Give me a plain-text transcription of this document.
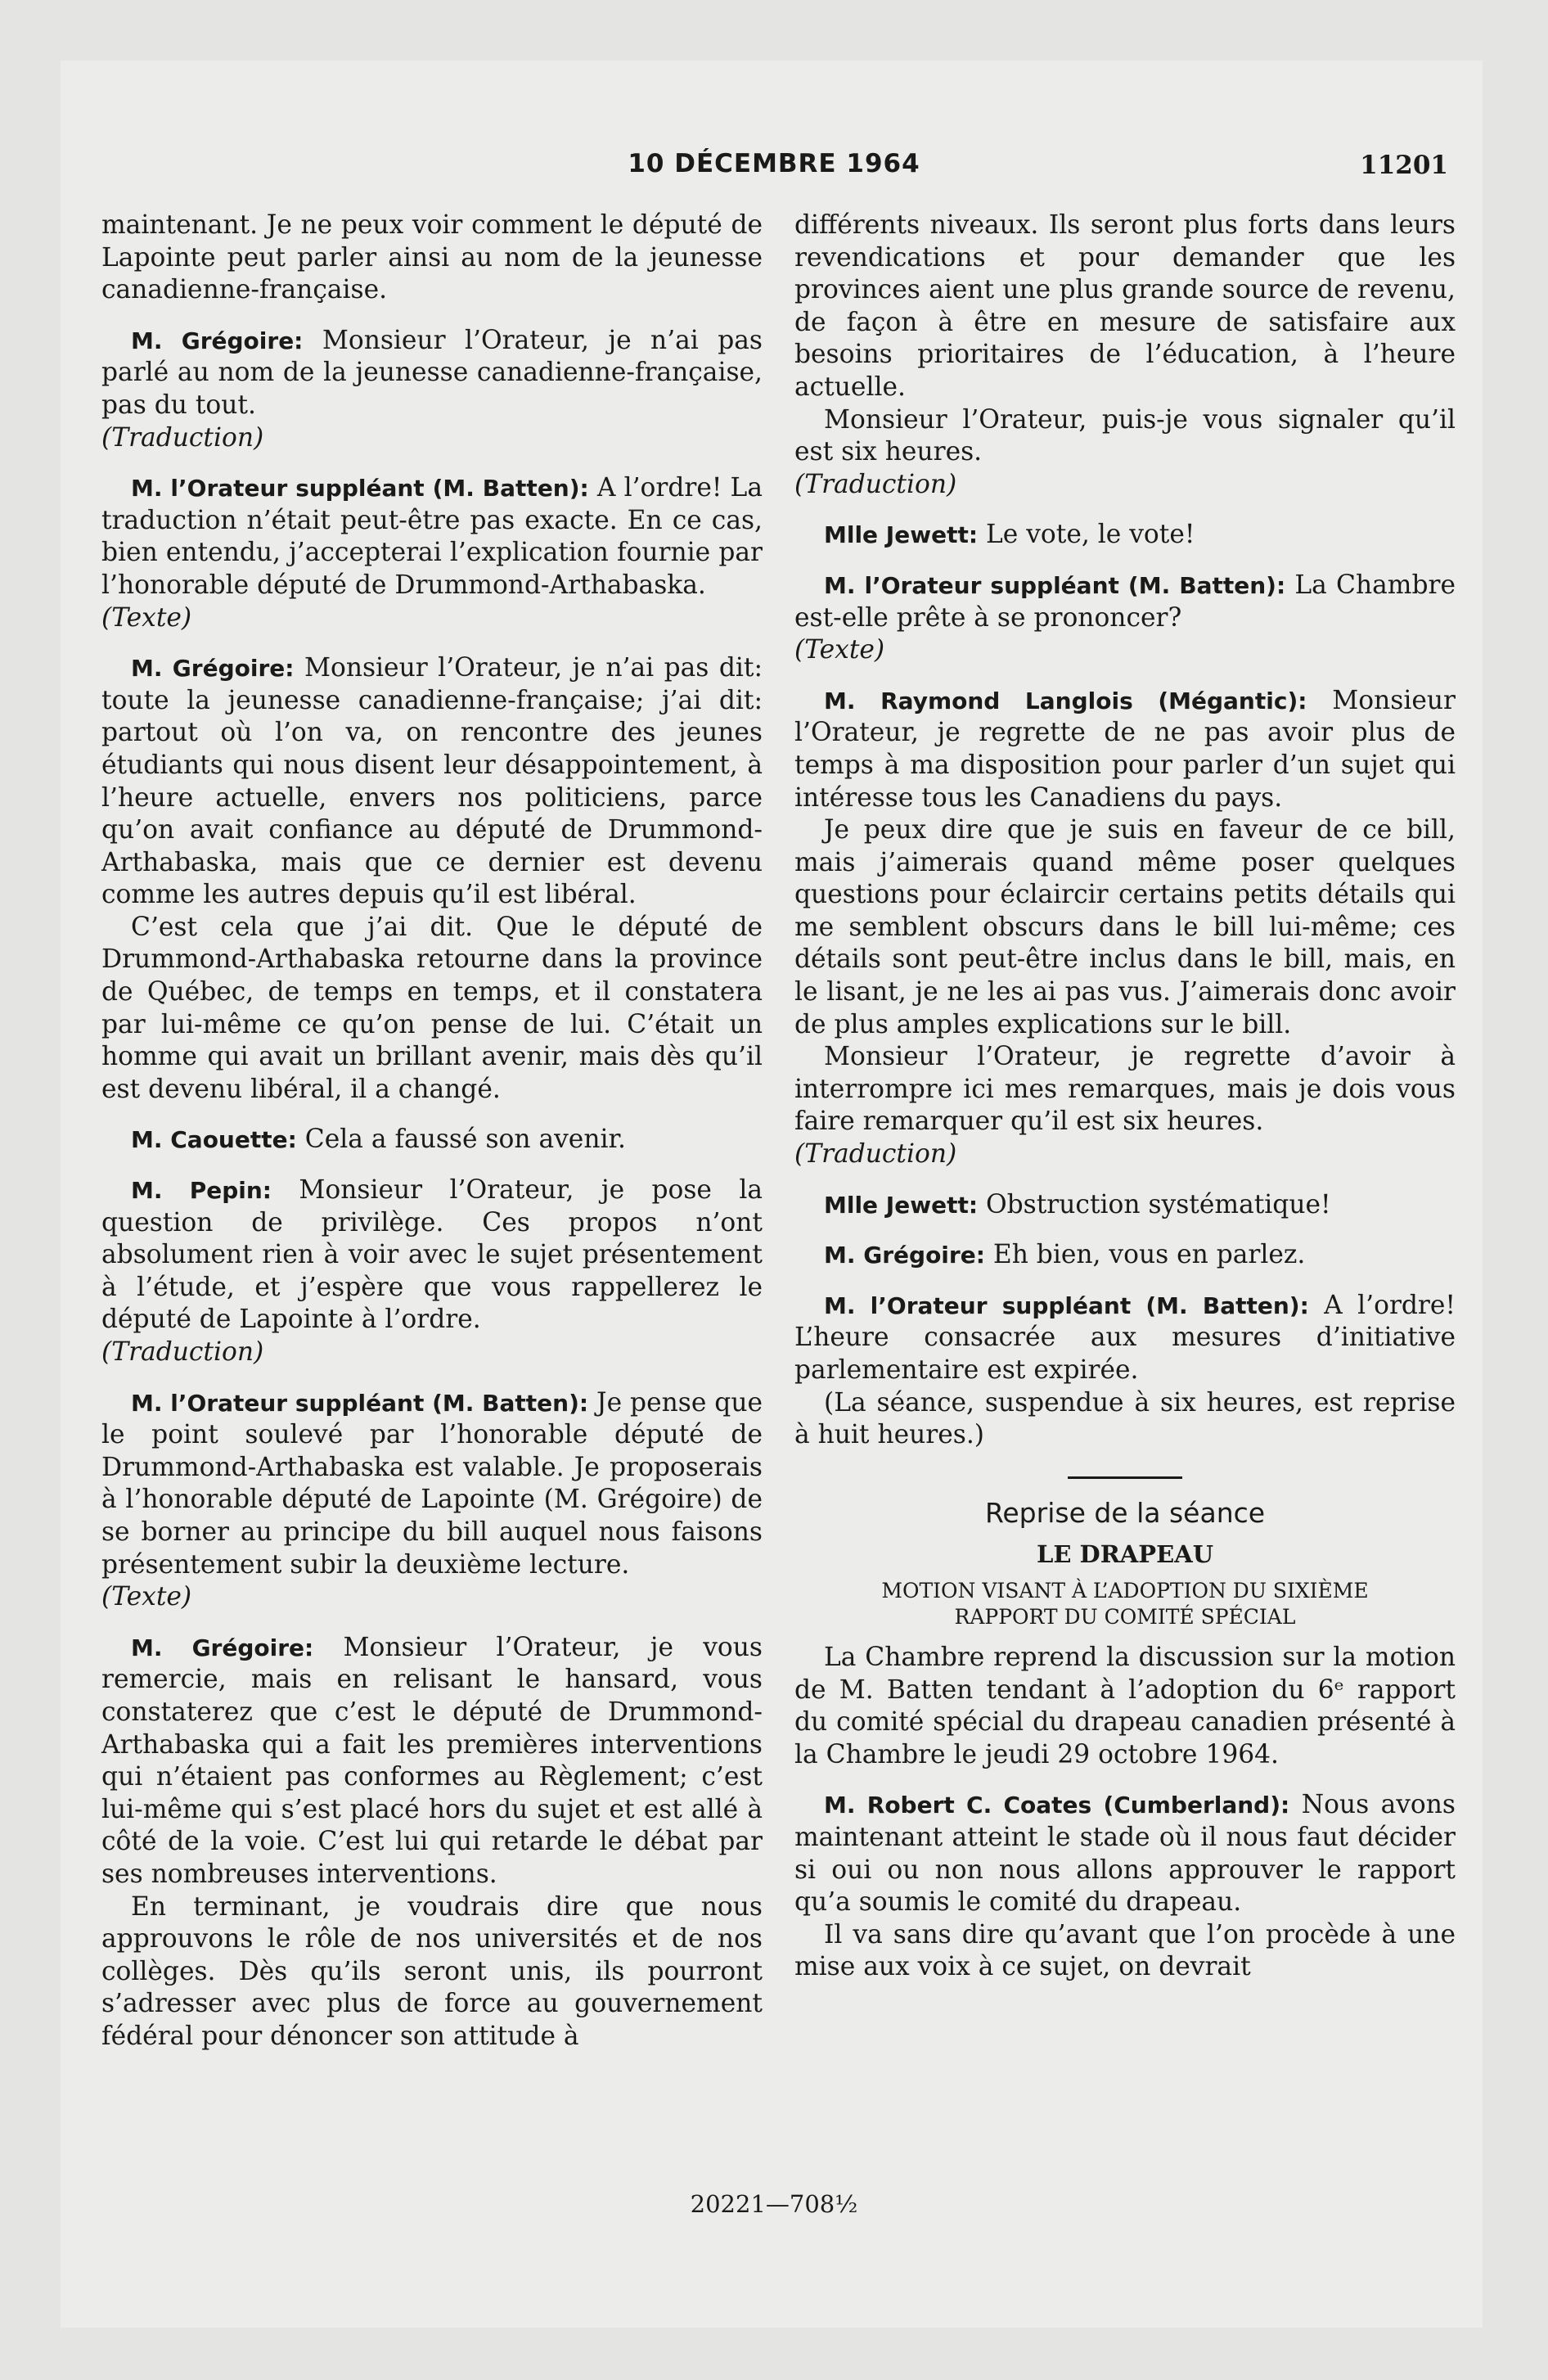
10 DÉCEMBRE 1964	11201

maintenant. Je ne peux voir comment le député de Lapointe peut parler ainsi au nom de la jeunesse canadienne-française.

M. Grégoire: Monsieur l’Orateur, je n’ai pas parlé au nom de la jeunesse canadienne-française, pas du tout.

(Traduction)

M. l’Orateur suppléant (M. Batten): A l’ordre! La traduction n’était peut-être pas exacte. En ce cas, bien entendu, j’accepterai l’explication fournie par l’honorable député de Drummond-Arthabaska.

(Texte)

M. Grégoire: Monsieur l’Orateur, je n’ai pas dit: toute la jeunesse canadienne-française; j’ai dit: partout où l’on va, on rencontre des jeunes étudiants qui nous disent leur désappointement, à l’heure actuelle, envers nos politiciens, parce qu’on avait confiance au député de Drummond-Arthabaska, mais que ce dernier est devenu comme les autres depuis qu’il est libéral.

C’est cela que j’ai dit. Que le député de Drummond-Arthabaska retourne dans la province de Québec, de temps en temps, et il constatera par lui-même ce qu’on pense de lui. C’était un homme qui avait un brillant avenir, mais dès qu’il est devenu libéral, il a changé.

M. Caouette: Cela a faussé son avenir.

M. Pepin: Monsieur l’Orateur, je pose la question de privilège. Ces propos n’ont absolument rien à voir avec le sujet présentement à l’étude, et j’espère que vous rappellerez le député de Lapointe à l’ordre.

(Traduction)

M. l’Orateur suppléant (M. Batten): Je pense que le point soulevé par l’honorable député de Drummond-Arthabaska est valable. Je proposerais à l’honorable député de Lapointe (M. Grégoire) de se borner au principe du bill auquel nous faisons présentement subir la deuxième lecture.

(Texte)

M. Grégoire: Monsieur l’Orateur, je vous remercie, mais en relisant le hansard, vous constaterez que c’est le député de Drummond-Arthabaska qui a fait les premières interventions qui n’étaient pas conformes au Règlement; c’est lui-même qui s’est placé hors du sujet et est allé à côté de la voie. C’est lui qui retarde le débat par ses nombreuses interventions.

En terminant, je voudrais dire que nous approuvons le rôle de nos universités et de nos collèges. Dès qu’ils seront unis, ils pourront s’adresser avec plus de force au gouvernement fédéral pour dénoncer son attitude à

différents niveaux. Ils seront plus forts dans leurs revendications et pour demander que les provinces aient une plus grande source de revenu, de façon à être en mesure de satisfaire aux besoins prioritaires de l’éducation, à l’heure actuelle.

Monsieur l’Orateur, puis-je vous signaler qu’il est six heures.

(Traduction)

Mlle Jewett: Le vote, le vote!

M. l’Orateur suppléant (M. Batten): La Chambre est-elle prête à se prononcer?

(Texte)

M. Raymond Langlois (Mégantic): Monsieur l’Orateur, je regrette de ne pas avoir plus de temps à ma disposition pour parler d’un sujet qui intéresse tous les Canadiens du pays.

Je peux dire que je suis en faveur de ce bill, mais j’aimerais quand même poser quelques questions pour éclaircir certains petits détails qui me semblent obscurs dans le bill lui-même; ces détails sont peut-être inclus dans le bill, mais, en le lisant, je ne les ai pas vus. J’aimerais donc avoir de plus amples explications sur le bill.

Monsieur l’Orateur, je regrette d’avoir à interrompre ici mes remarques, mais je dois vous faire remarquer qu’il est six heures.

(Traduction)

Mlle Jewett: Obstruction systématique!

M. Grégoire: Eh bien, vous en parlez.

M. l’Orateur suppléant (M. Batten): A l’ordre! L’heure consacrée aux mesures d’initiative parlementaire est expirée.

(La séance, suspendue à six heures, est reprise à huit heures.)

Reprise de la séance
LE DRAPEAU
MOTION VISANT À L’ADOPTION DU SIXIÈME
RAPPORT DU COMITÉ SPÉCIAL

La Chambre reprend la discussion sur la motion de M. Batten tendant à l’adoption du 6ᵉ rapport du comité spécial du drapeau canadien présenté à la Chambre le jeudi 29 octobre 1964.

M. Robert C. Coates (Cumberland): Nous avons maintenant atteint le stade où il nous faut décider si oui ou non nous allons approuver le rapport qu’a soumis le comité du drapeau.

Il va sans dire qu’avant que l’on procède à une mise aux voix à ce sujet, on devrait

20221—708½
